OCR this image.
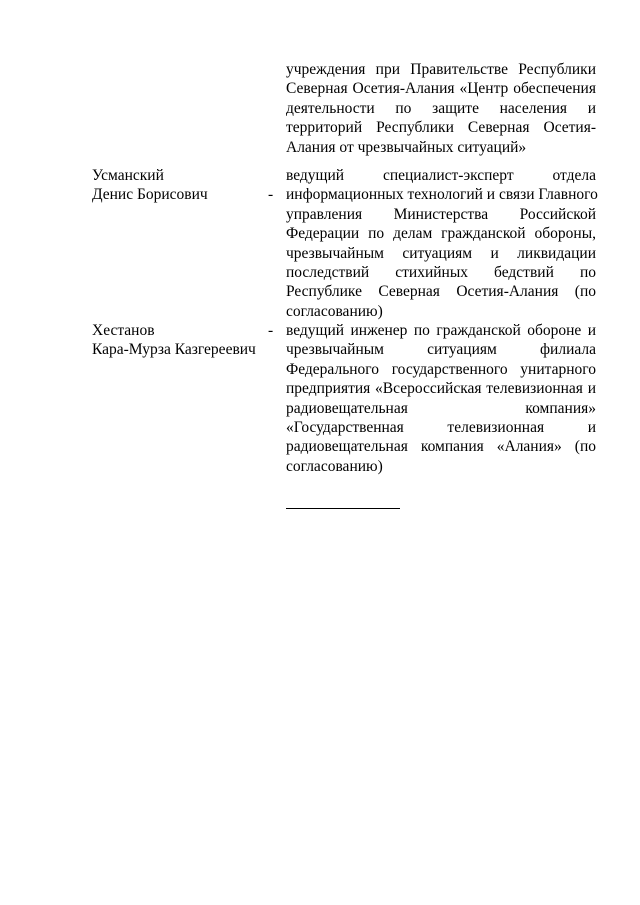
учреждения при Правительстве Республики
Северная Осетия-Алания «Центр обеспечения
деятельности по защите населения и
территорий Республики Северная Осетия-
Алания от чрезвычайных ситуаций»
Усманский
Денис Борисович	-
ведущий специалист-эксперт отдела
информационных технологий и связи Главного
управления Министерства Российской
Федерации по делам гражданской обороны,
чрезвычайным ситуациям и ликвидации
последствий стихийных бедствий по
Республике Северная Осетия-Алания (по
согласованию)
Хестанов
Кара-Мурза Казгереевич
- ведущий инженер по гражданской обороне и
чрезвычайным ситуациям филиала
Федерального государственного унитарного
предприятия «Всероссийская телевизионная и
радиовещательная компания»
«Государственная телевизионная и
радиовещательная компания «Алания» (по
согласованию)
